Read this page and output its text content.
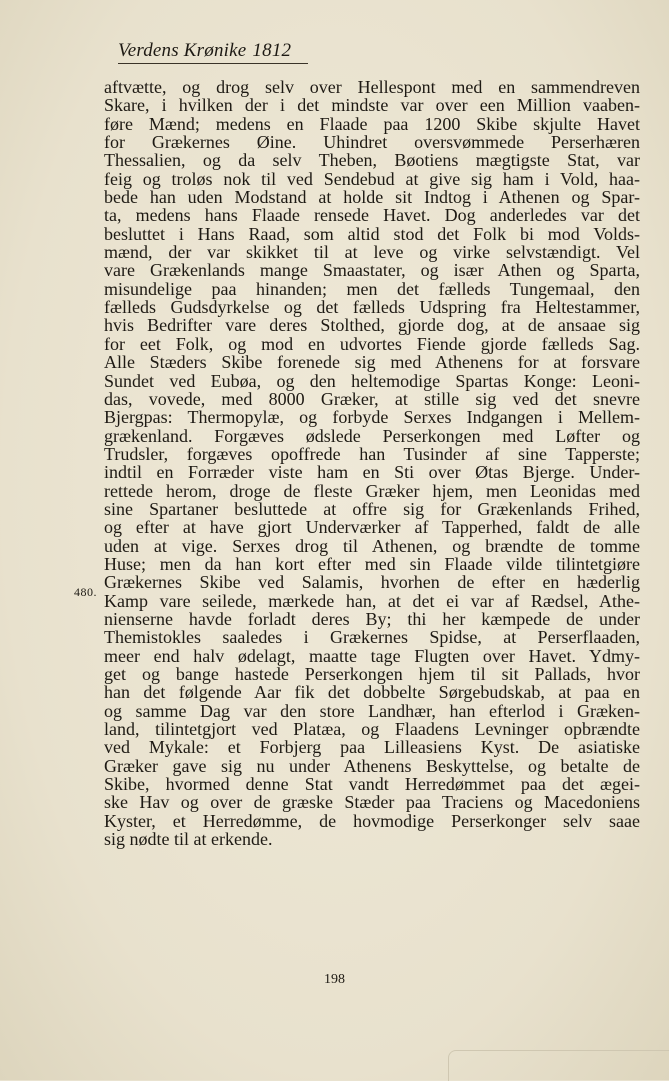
Verdens Krønike 1812
480.
aftvætte, og drog selv over Hellespont med en sammendreven
Skare, i hvilken der i det mindste var over een Million vaaben-
føre Mænd; medens en Flaade paa 1200 Skibe skjulte Havet
for Grækernes Øine. Uhindret oversvømmede Perserhæren
Thessalien, og da selv Theben, Bøotiens mægtigste Stat, var
feig og troløs nok til ved Sendebud at give sig ham i Vold, haa-
bede han uden Modstand at holde sit Indtog i Athenen og Spar-
ta, medens hans Flaade rensede Havet. Dog anderledes var det
besluttet i Hans Raad, som altid stod det Folk bi mod Volds-
mænd, der var skikket til at leve og virke selvstændigt. Vel
vare Grækenlands mange Smaastater, og især Athen og Sparta,
misundelige paa hinanden; men det fælleds Tungemaal, den
fælleds Gudsdyrkelse og det fælleds Udspring fra Heltestammer,
hvis Bedrifter vare deres Stolthed, gjorde dog, at de ansaae sig
for eet Folk, og mod en udvortes Fiende gjorde fælleds Sag.
Alle Stæders Skibe forenede sig med Athenens for at forsvare
Sundet ved Eubøa, og den heltemodige Spartas Konge: Leoni-
das, vovede, med 8000 Græker, at stille sig ved det snevre
Bjergpas: Thermopylæ, og forbyde Serxes Indgangen i Mellem-
grækenland. Forgæves ødslede Perserkongen med Løfter og
Trudsler, forgæves opoffrede han Tusinder af sine Tapperste;
indtil en Forræder viste ham en Sti over Øtas Bjerge. Under-
rettede herom, droge de fleste Græker hjem, men Leonidas med
sine Spartaner besluttede at offre sig for Grækenlands Frihed,
og efter at have gjort Underværker af Tapperhed, faldt de alle
uden at vige. Serxes drog til Athenen, og brændte de tomme
Huse; men da han kort efter med sin Flaade vilde tilintetgiøre
Grækernes Skibe ved Salamis, hvorhen de efter en hæderlig
Kamp vare seilede, mærkede han, at det ei var af Rædsel, Athe-
nienserne havde forladt deres By; thi her kæmpede de under
Themistokles saaledes i Grækernes Spidse, at Perserflaaden,
meer end halv ødelagt, maatte tage Flugten over Havet. Ydmy-
get og bange hastede Perserkongen hjem til sit Pallads, hvor
han det følgende Aar fik det dobbelte Sørgebudskab, at paa en
og samme Dag var den store Landhær, han efterlod i Græken-
land, tilintetgjort ved Platæa, og Flaadens Levninger opbrændte
ved Mykale: et Forbjerg paa Lilleasiens Kyst. De asiatiske
Græker gave sig nu under Athenens Beskyttelse, og betalte de
Skibe, hvormed denne Stat vandt Herredømmet paa det ægei-
ske Hav og over de græske Stæder paa Traciens og Macedoniens
Kyster, et Herredømme, de hovmodige Perserkonger selv saae
sig nødte til at erkende.
198
